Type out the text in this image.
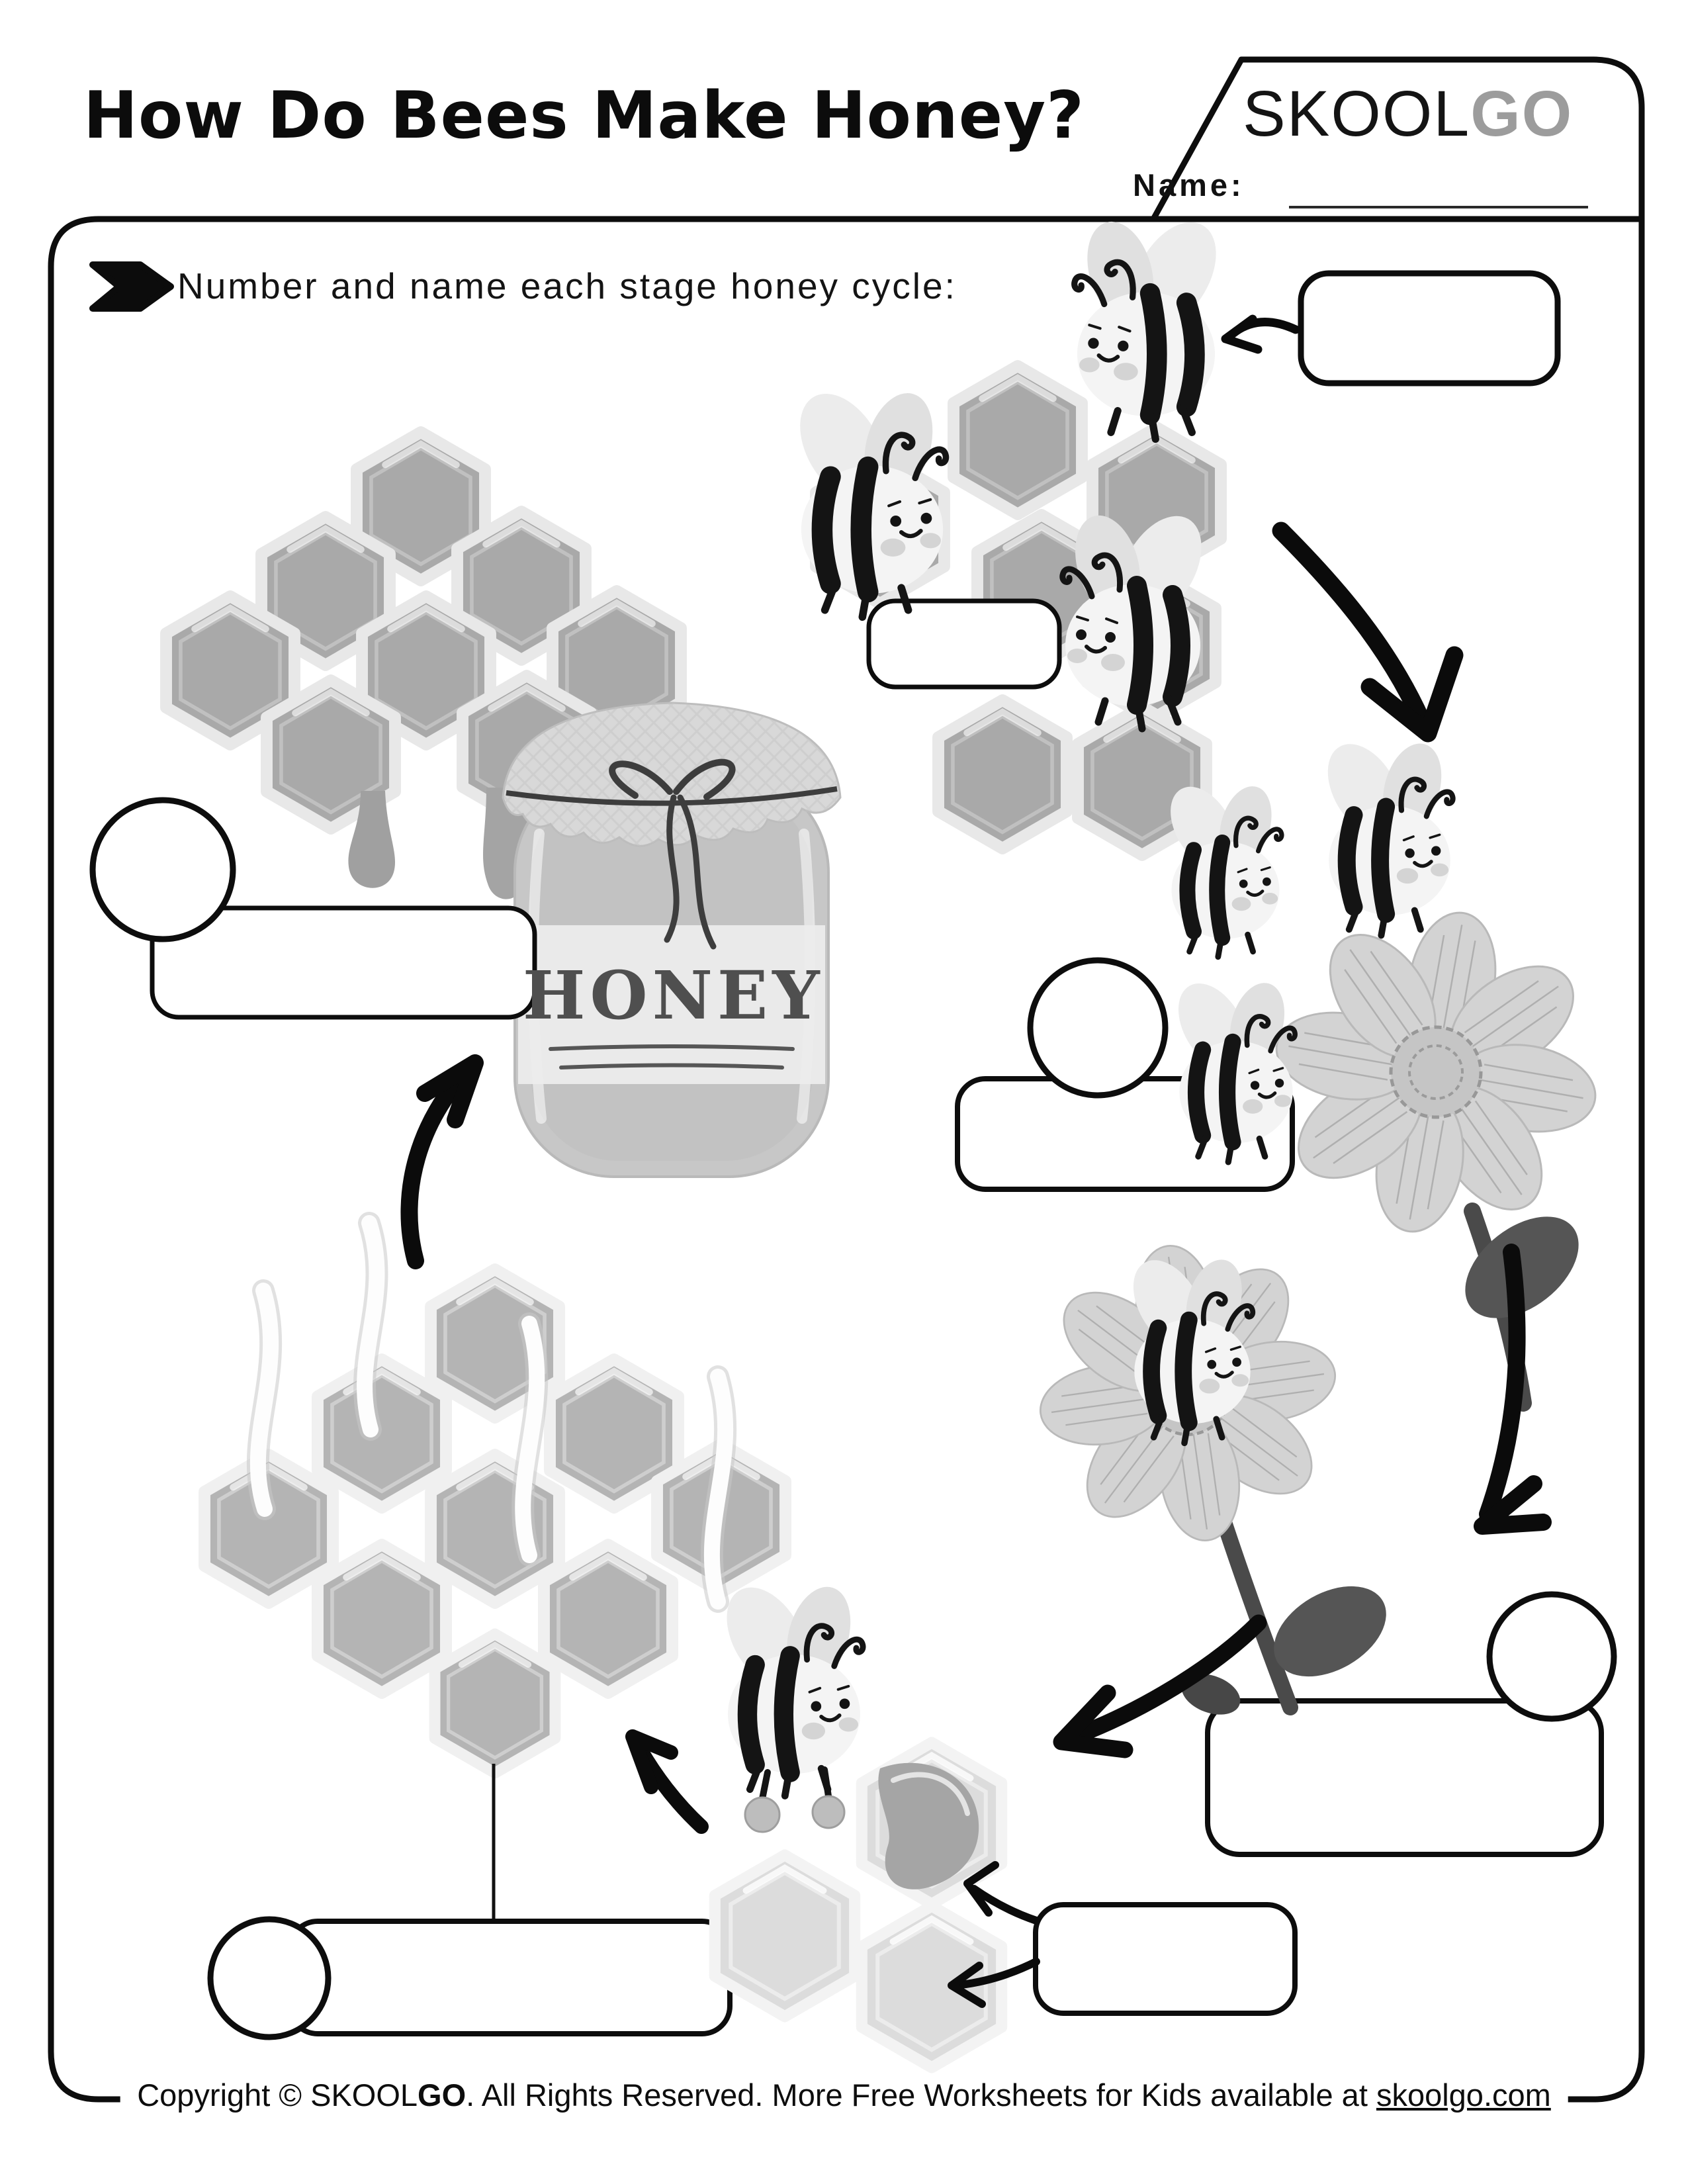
How Do Bees Make Honey? SKOOLGO
Name:
Number and name each stage honey cycle:
HONEY
Copyright © SKOOLGO. All Rights Reserved. More Free Worksheets for Kids available at skoolgo.com
